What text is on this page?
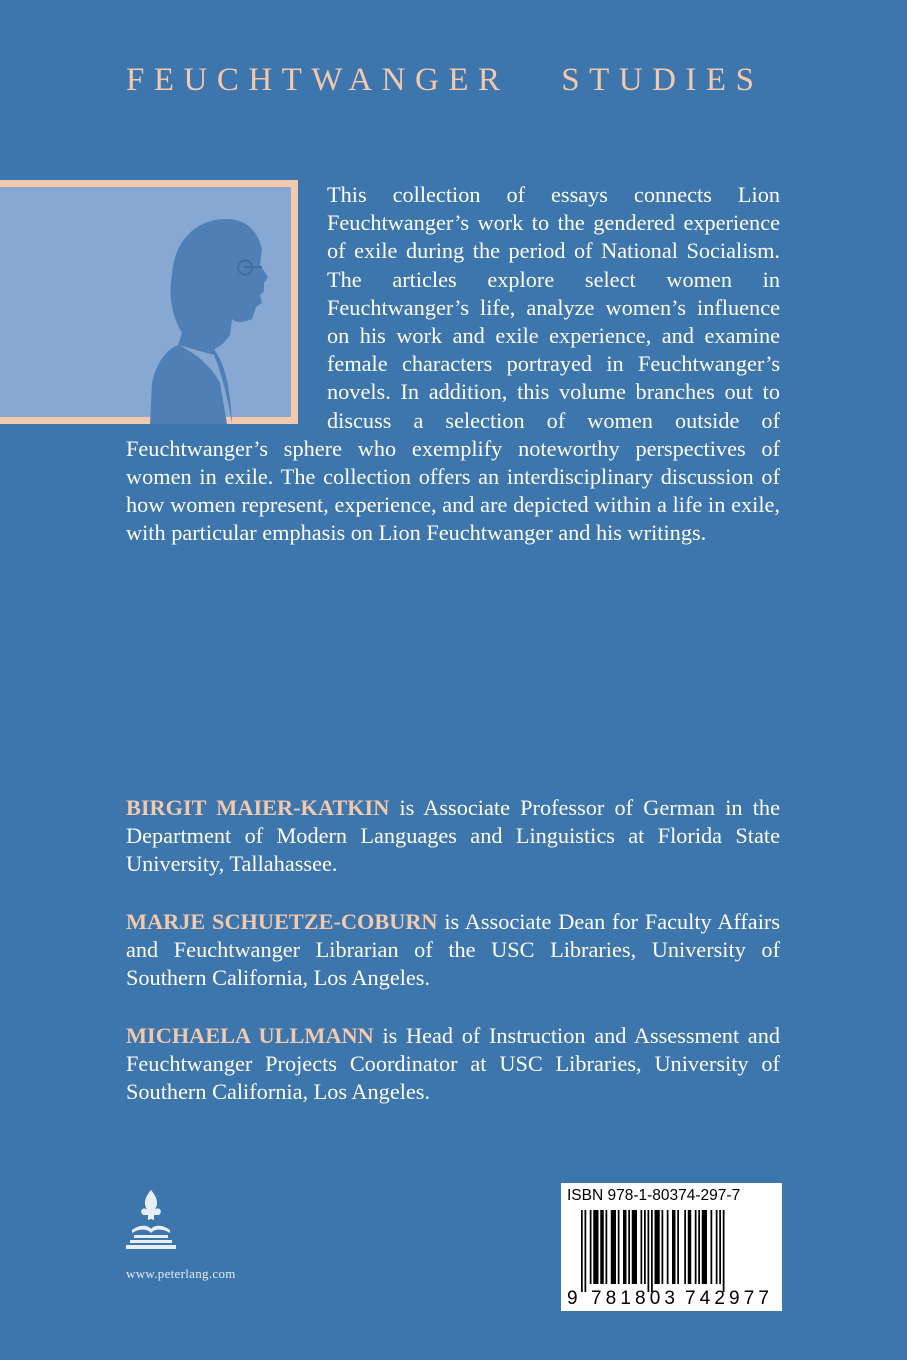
FEUCHTWANGER STUDIES

This collection of essays connects Lion Feuchtwanger’s work to the gendered experience of exile during the period of National Socialism. The articles explore select women in Feuchtwanger’s life, analyze women’s influence on his work and exile experience, and examine female characters portrayed in Feuchtwanger’s novels. In addition, this volume branches out to discuss a selection of women outside of Feuchtwanger’s sphere who exemplify noteworthy perspectives of women in exile. The collection offers an interdisciplinary discussion of how women represent, experience, and are depicted within a life in exile, with particular emphasis on Lion Feuchtwanger and his writings.

BIRGIT MAIER-KATKIN is Associate Professor of German in the Department of Modern Languages and Linguistics at Florida State University, Tallahassee.

MARJE SCHUETZE-COBURN is Associate Dean for Faculty Affairs and Feuchtwanger Librarian of the USC Libraries, University of Southern California, Los Angeles.

MICHAELA ULLMANN is Head of Instruction and Assessment and Feuchtwanger Projects Coordinator at USC Libraries, University of Southern California, Los Angeles.

www.peterlang.com
ISBN 978-1-80374-297-7
9 781803 742977
